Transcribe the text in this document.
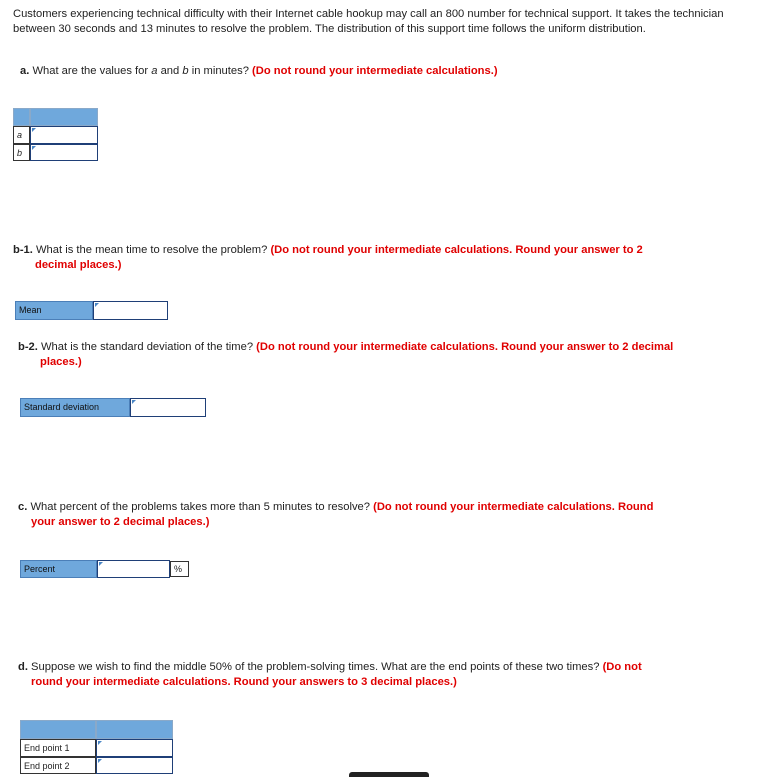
Customers experiencing technical difficulty with their Internet cable hookup may call an 800 number for technical support. It takes the technician between 30 seconds and 13 minutes to resolve the problem. The distribution of this support time follows the uniform distribution.
a. What are the values for a and b in minutes? (Do not round your intermediate calculations.)
a
b
b-1. What is the mean time to resolve the problem? (Do not round your intermediate calculations. Round your answer to 2
decimal places.)
Mean
b-2. What is the standard deviation of the time? (Do not round your intermediate calculations. Round your answer to 2 decimal
places.)
Standard deviation
c. What percent of the problems takes more than 5 minutes to resolve? (Do not round your intermediate calculations. Round
your answer to 2 decimal places.)
Percent	%
d. Suppose we wish to find the middle 50% of the problem-solving times. What are the end points of these two times? (Do not
round your intermediate calculations. Round your answers to 3 decimal places.)
End point 1
End point 2
